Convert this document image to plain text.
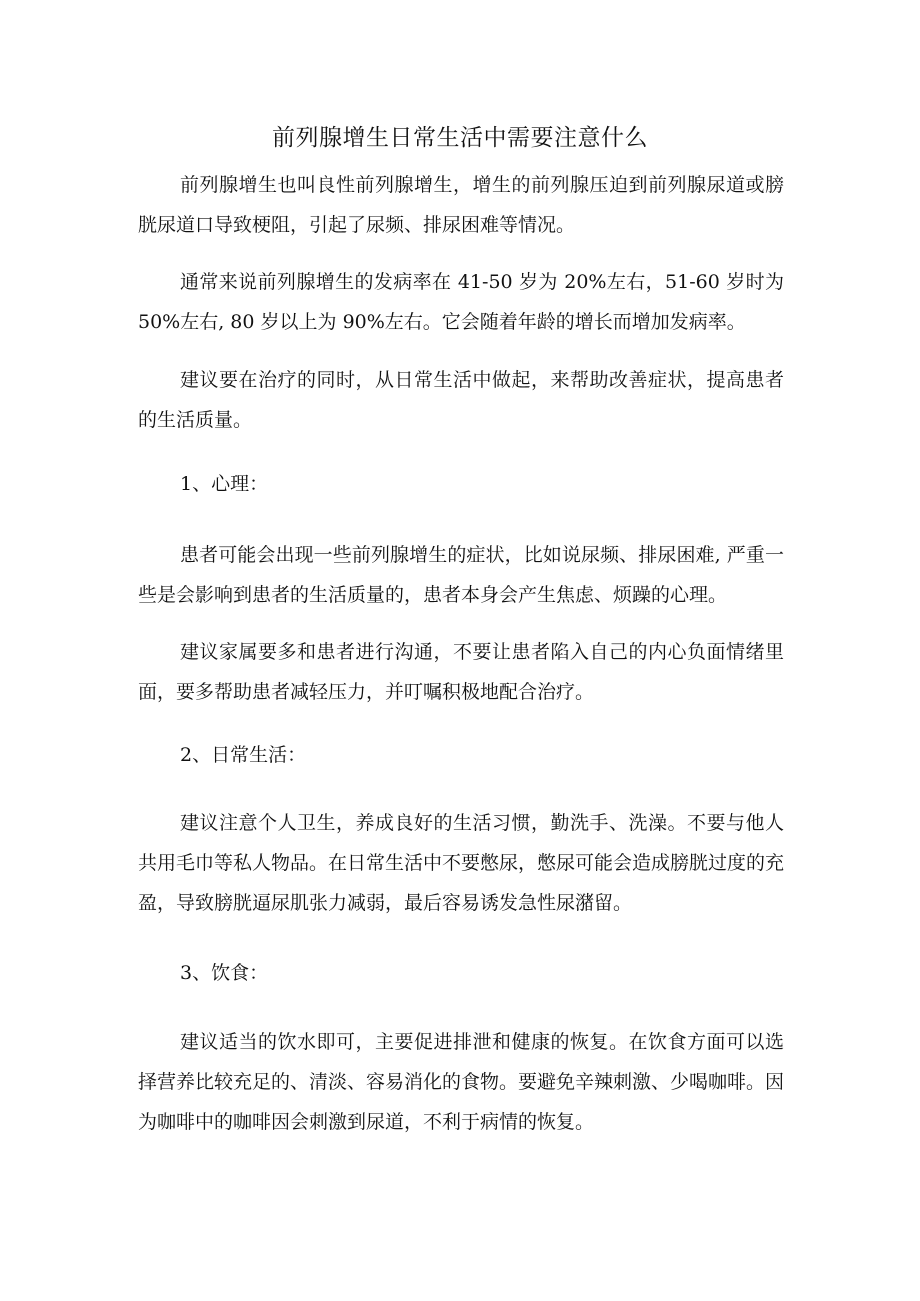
前列腺增生日常生活中需要注意什么

前列腺增生也叫良性前列腺增生，增生的前列腺压迫到前列腺尿道或膀胱尿道口导致梗阻，引起了尿频、排尿困难等情况。

通常来说前列腺增生的发病率在 41-50 岁为 20%左右，51-60 岁时为 50%左右, 80 岁以上为 90%左右。它会随着年龄的增长而增加发病率。

建议要在治疗的同时，从日常生活中做起，来帮助改善症状，提高患者的生活质量。

1、心理：

患者可能会出现一些前列腺增生的症状，比如说尿频、排尿困难, 严重一些是会影响到患者的生活质量的，患者本身会产生焦虑、烦躁的心理。

建议家属要多和患者进行沟通，不要让患者陷入自己的内心负面情绪里面，要多帮助患者减轻压力，并叮嘱积极地配合治疗。

2、日常生活：

建议注意个人卫生，养成良好的生活习惯，勤洗手、洗澡。不要与他人共用毛巾等私人物品。在日常生活中不要憋尿，憋尿可能会造成膀胱过度的充盈，导致膀胱逼尿肌张力减弱，最后容易诱发急性尿潴留。

3、饮食：

建议适当的饮水即可，主要促进排泄和健康的恢复。在饮食方面可以选择营养比较充足的、清淡、容易消化的食物。要避免辛辣刺激、少喝咖啡。因为咖啡中的咖啡因会刺激到尿道，不利于病情的恢复。
